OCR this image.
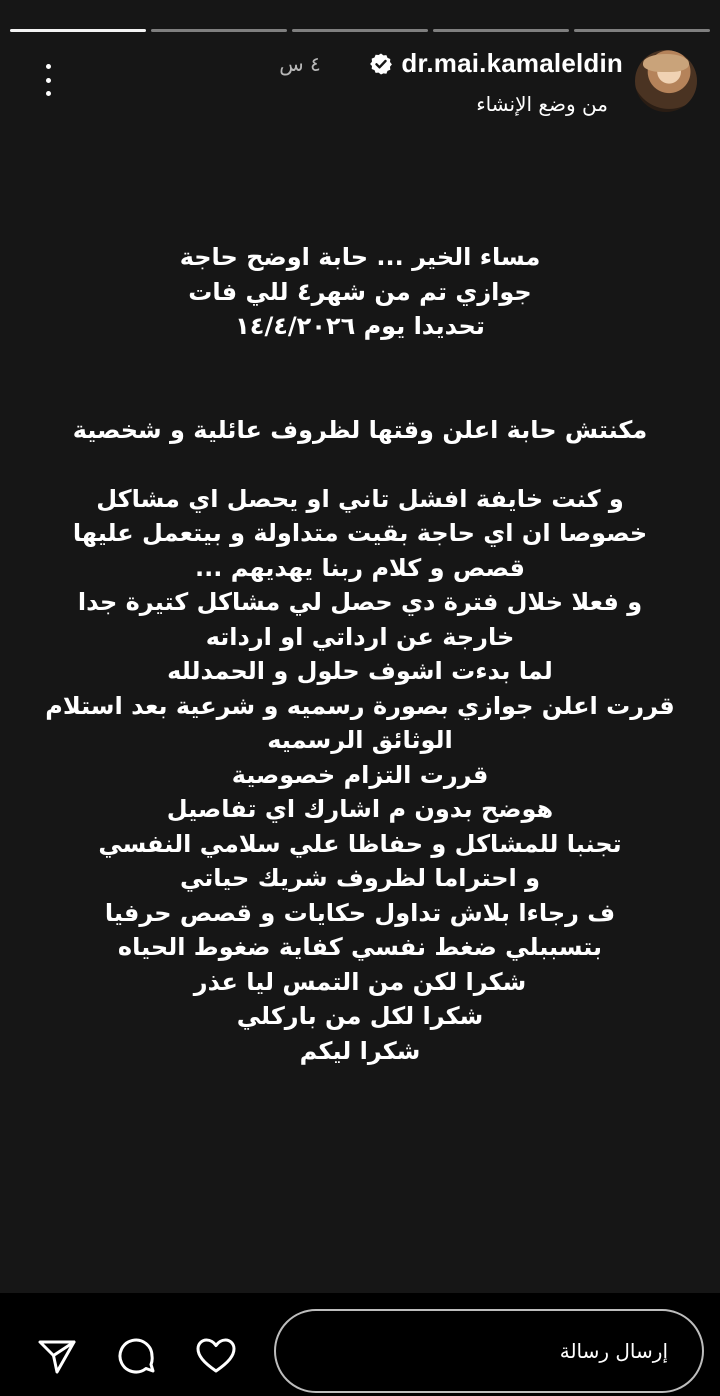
dr.mai.kamaleldin
٤ س
من وضع الإنشاء
مساء الخير ... حابة اوضح حاجة
جوازي تم من شهر٤ للي فات
تحديدا يوم ١٤/٤/٢٠٢٦
مكنتش حابة اعلن وقتها لظروف عائلية و شخصية
و كنت خايفة افشل تاني او يحصل اي مشاكل
خصوصا ان اي حاجة بقيت متداولة و بيتعمل عليها
قصص و كلام ربنا يهديهم ...
و فعلا خلال فترة دي حصل لي مشاكل كتيرة جدا
خارجة عن ارداتي او ارداته
لما بدءت اشوف حلول و الحمدلله
قررت اعلن جوازي بصورة رسميه و شرعية بعد استلام
الوثائق الرسميه
قررت التزام خصوصية
هوضح بدون م اشارك اي تفاصيل
تجنبا للمشاكل و حفاظا علي سلامي النفسي
و احتراما لظروف شريك حياتي
ف رجاءا بلاش تداول حكايات و قصص حرفيا
بتسببلي ضغط نفسي كفاية ضغوط الحياه
شكرا لكن من التمس ليا عذر
شكرا لكل من باركلي
شكرا ليكم
إرسال رسالة
